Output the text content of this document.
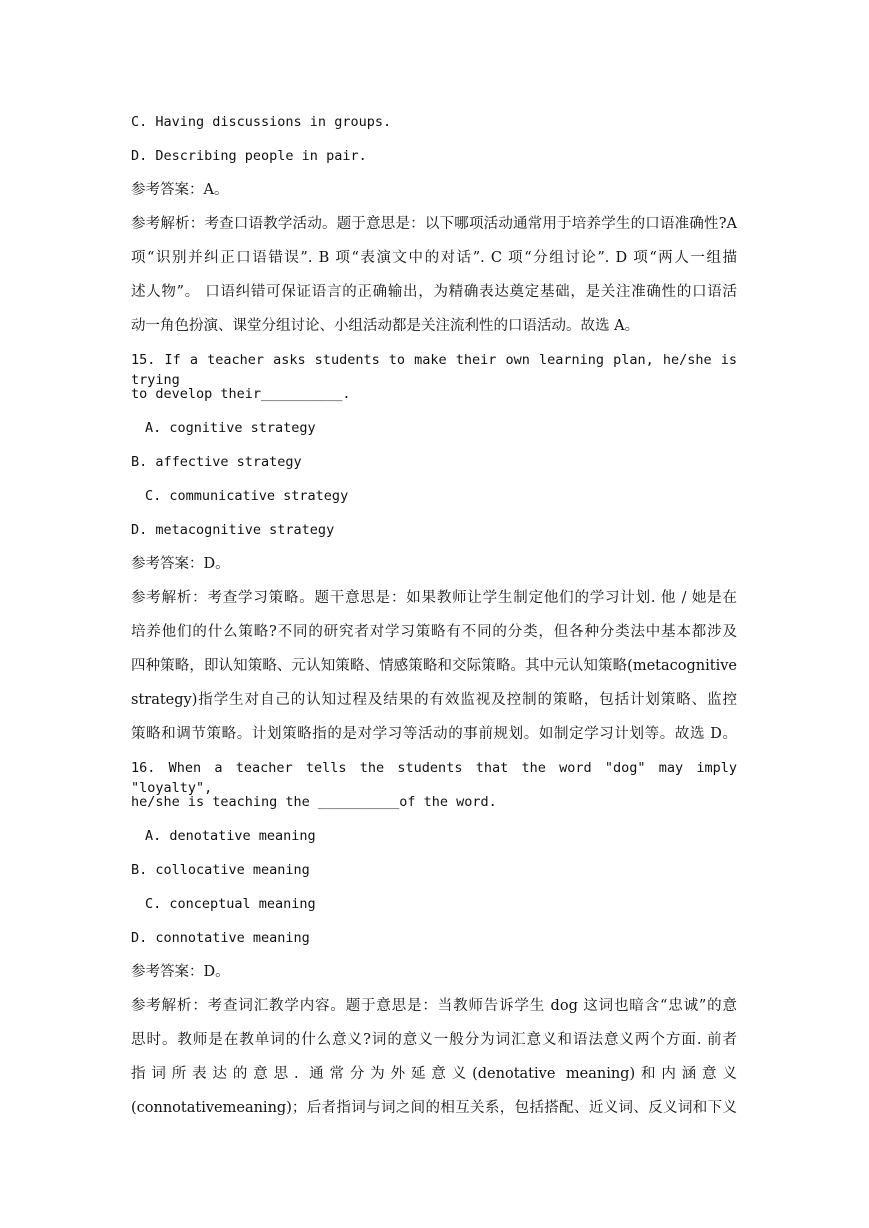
C. Having discussions in groups.
D. Describing people in pair.
参考答案：A。
参考解析：考查口语教学活动。题于意思是：以下哪项活动通常用于培养学生的口语准确性?A
项“识别并纠正口语错误”. B 项“表演文中的对话”. C 项“分组讨论”. D 项“两人一组描
述人物”。 口语纠错可保证语言的正确输出，为精确表达奠定基础，是关注准确性的口语活
动一角色扮演、课堂分组讨论、小组活动都是关注流利性的口语活动。故选 A。
15. If a teacher asks students to make their own learning plan, he/she is trying
to develop their__________.
A. cognitive strategy
B. affective strategy
C. communicative strategy
D. metacognitive strategy
参考答案：D。
参考解析：考查学习策略。题干意思是：如果教师让学生制定他们的学习计划. 他 / 她是在
培养他们的什么策略?不同的研究者对学习策略有不同的分类，但各种分类法中基本都涉及
四种策略，即认知策略、元认知策略、情感策略和交际策略。其中元认知策略(metacognitive
strategy)指学生对自己的认知过程及结果的有效监视及控制的策略，包括计划策略、监控
策略和调节策略。计划策略指的是对学习等活动的事前规划。如制定学习计划等。故选 D。
16. When a teacher tells the students that the word "dog" may imply "loyalty",
he/she is teaching the __________of the word.
A. denotative meaning
B. collocative meaning
C. conceptual meaning
D. connotative meaning
参考答案：D。
参考解析：考查词汇教学内容。题于意思是：当教师告诉学生 dog 这词也暗含“忠诚”的意
思时。教师是在教单词的什么意义?词的意义一般分为词汇意义和语法意义两个方面. 前者
指词所表达的意思. 通常分为外延意义(denotative meaning)和内涵意义
(connotativemeaning)；后者指词与词之间的相互关系，包括搭配、近义词、反义词和下义
